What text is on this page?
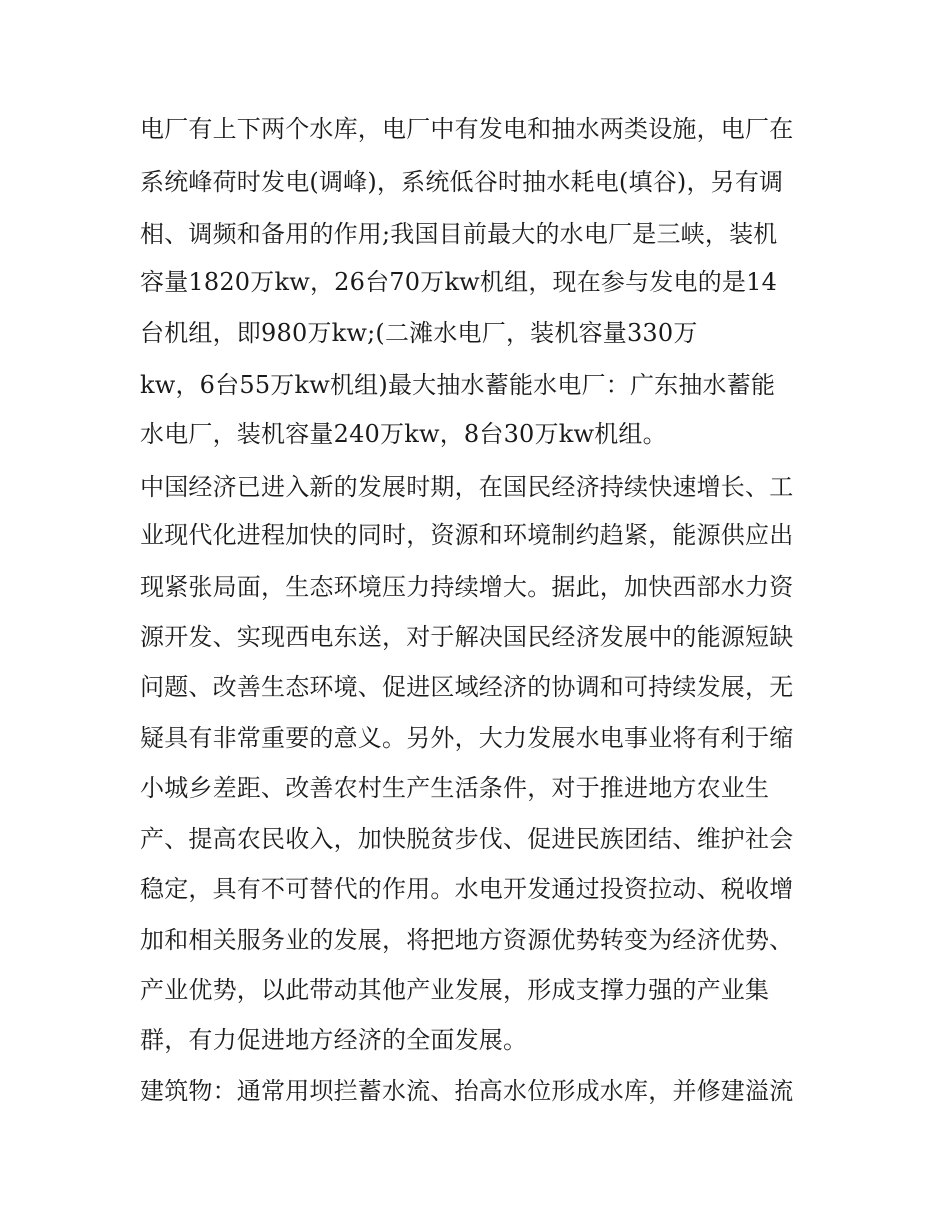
电厂有上下两个水库，电厂中有发电和抽水两类设施，电厂在
系统峰荷时发电(调峰)，系统低谷时抽水耗电(填谷)，另有调
相、调频和备用的作用;我国目前最大的水电厂是三峡，装机
容量1820万kw，26台70万kw机组，现在参与发电的是14
台机组，即980万kw;(二滩水电厂，装机容量330万
kw，6台55万kw机组)最大抽水蓄能水电厂：广东抽水蓄能
水电厂，装机容量240万kw，8台30万kw机组。
中国经济已进入新的发展时期，在国民经济持续快速增长、工
业现代化进程加快的同时，资源和环境制约趋紧，能源供应出
现紧张局面，生态环境压力持续增大。据此，加快西部水力资
源开发、实现西电东送，对于解决国民经济发展中的能源短缺
问题、改善生态环境、促进区域经济的协调和可持续发展，无
疑具有非常重要的意义。另外，大力发展水电事业将有利于缩
小城乡差距、改善农村生产生活条件，对于推进地方农业生
产、提高农民收入，加快脱贫步伐、促进民族团结、维护社会
稳定，具有不可替代的作用。水电开发通过投资拉动、税收增
加和相关服务业的发展，将把地方资源优势转变为经济优势、
产业优势，以此带动其他产业发展，形成支撑力强的产业集
群，有力促进地方经济的全面发展。
建筑物：通常用坝拦蓄水流、抬高水位形成水库，并修建溢流
